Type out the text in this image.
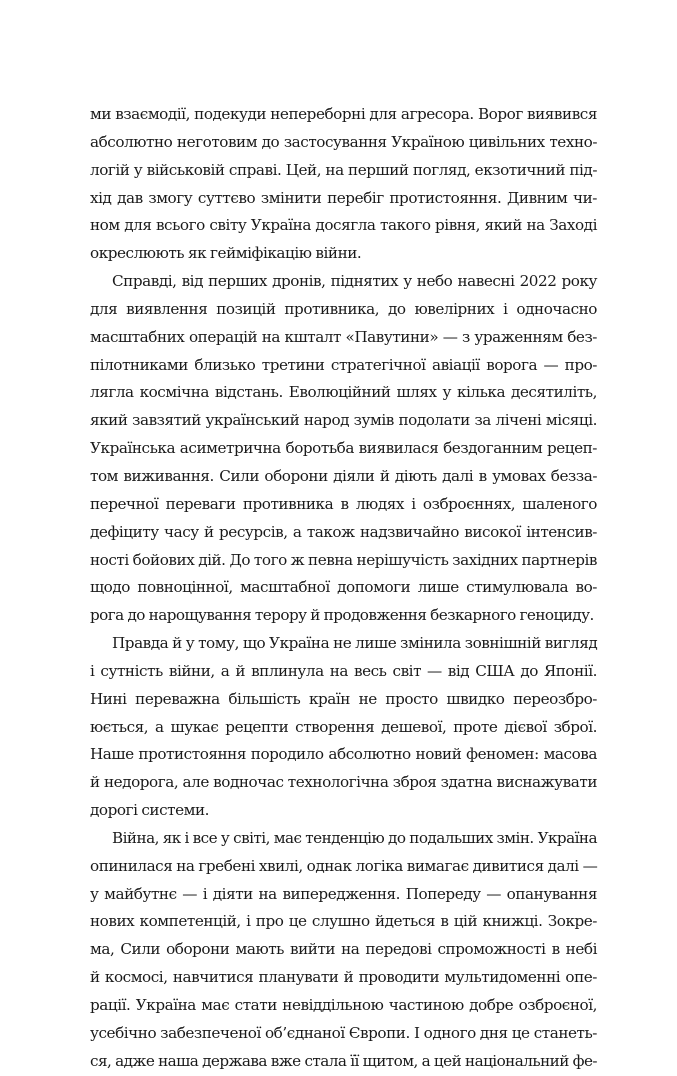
ми взаємодії, подекуди непереборні для агресора. Ворог виявився
абсолютно неготовим до застосування Україною цивільних техно-
логій у військовій справі. Цей, на перший погляд, екзотичний під-
хід дав змогу суттєво змінити перебіг протистояння. Дивним чи-
ном для всього світу Україна досягла такого рівня, який на Заході
окреслюють як гейміфікацію війни.
Справді, від перших дронів, піднятих у небо навесні 2022 року
для виявлення позицій противника, до ювелірних і одночасно
масштабних операцій на кшталт «Павутини» — з ураженням без-
пілотниками близько третини стратегічної авіації ворога — про-
лягла космічна відстань. Еволюційний шлях у кілька десятиліть,
який завзятий український народ зумів подолати за лічені місяці.
Українська асиметрична боротьба виявилася бездоганним рецеп-
том виживання. Сили оборони діяли й діють далі в умовах безза-
перечної переваги противника в людях і озброєннях, шаленого
дефіциту часу й ресурсів, а також надзвичайно високої інтенсив-
ності бойових дій. До того ж певна нерішучість західних партнерів
щодо повноцінної, масштабної допомоги лише стимулювала во-
рога до нарощування терору й продовження безкарного геноциду.
Правда й у тому, що Україна не лише змінила зовнішній вигляд
і сутність війни, а й вплинула на весь світ — від США до Японії.
Нині переважна більшість країн не просто швидко переозбро-
юється, а шукає рецепти створення дешевої, проте дієвої зброї.
Наше протистояння породило абсолютно новий феномен: масова
й недорога, але водночас технологічна зброя здатна виснажувати
дорогі системи.
Війна, як і все у світі, має тенденцію до подальших змін. Україна
опинилася на гребені хвилі, однак логіка вимагає дивитися далі —
у майбутнє — і діяти на випередження. Попереду — опанування
нових компетенцій, і про це слушно йдеться в цій книжці. Зокре-
ма, Сили оборони мають вийти на передові спроможності в небі
й космосі, навчитися планувати й проводити мультидоменні опе-
рації. Україна має стати невіддільною частиною добре озброєної,
усебічно забезпеченої об’єднаної Європи. І одного дня це станеть-
ся, адже наша держава вже стала її щитом, а цей національний фе-
